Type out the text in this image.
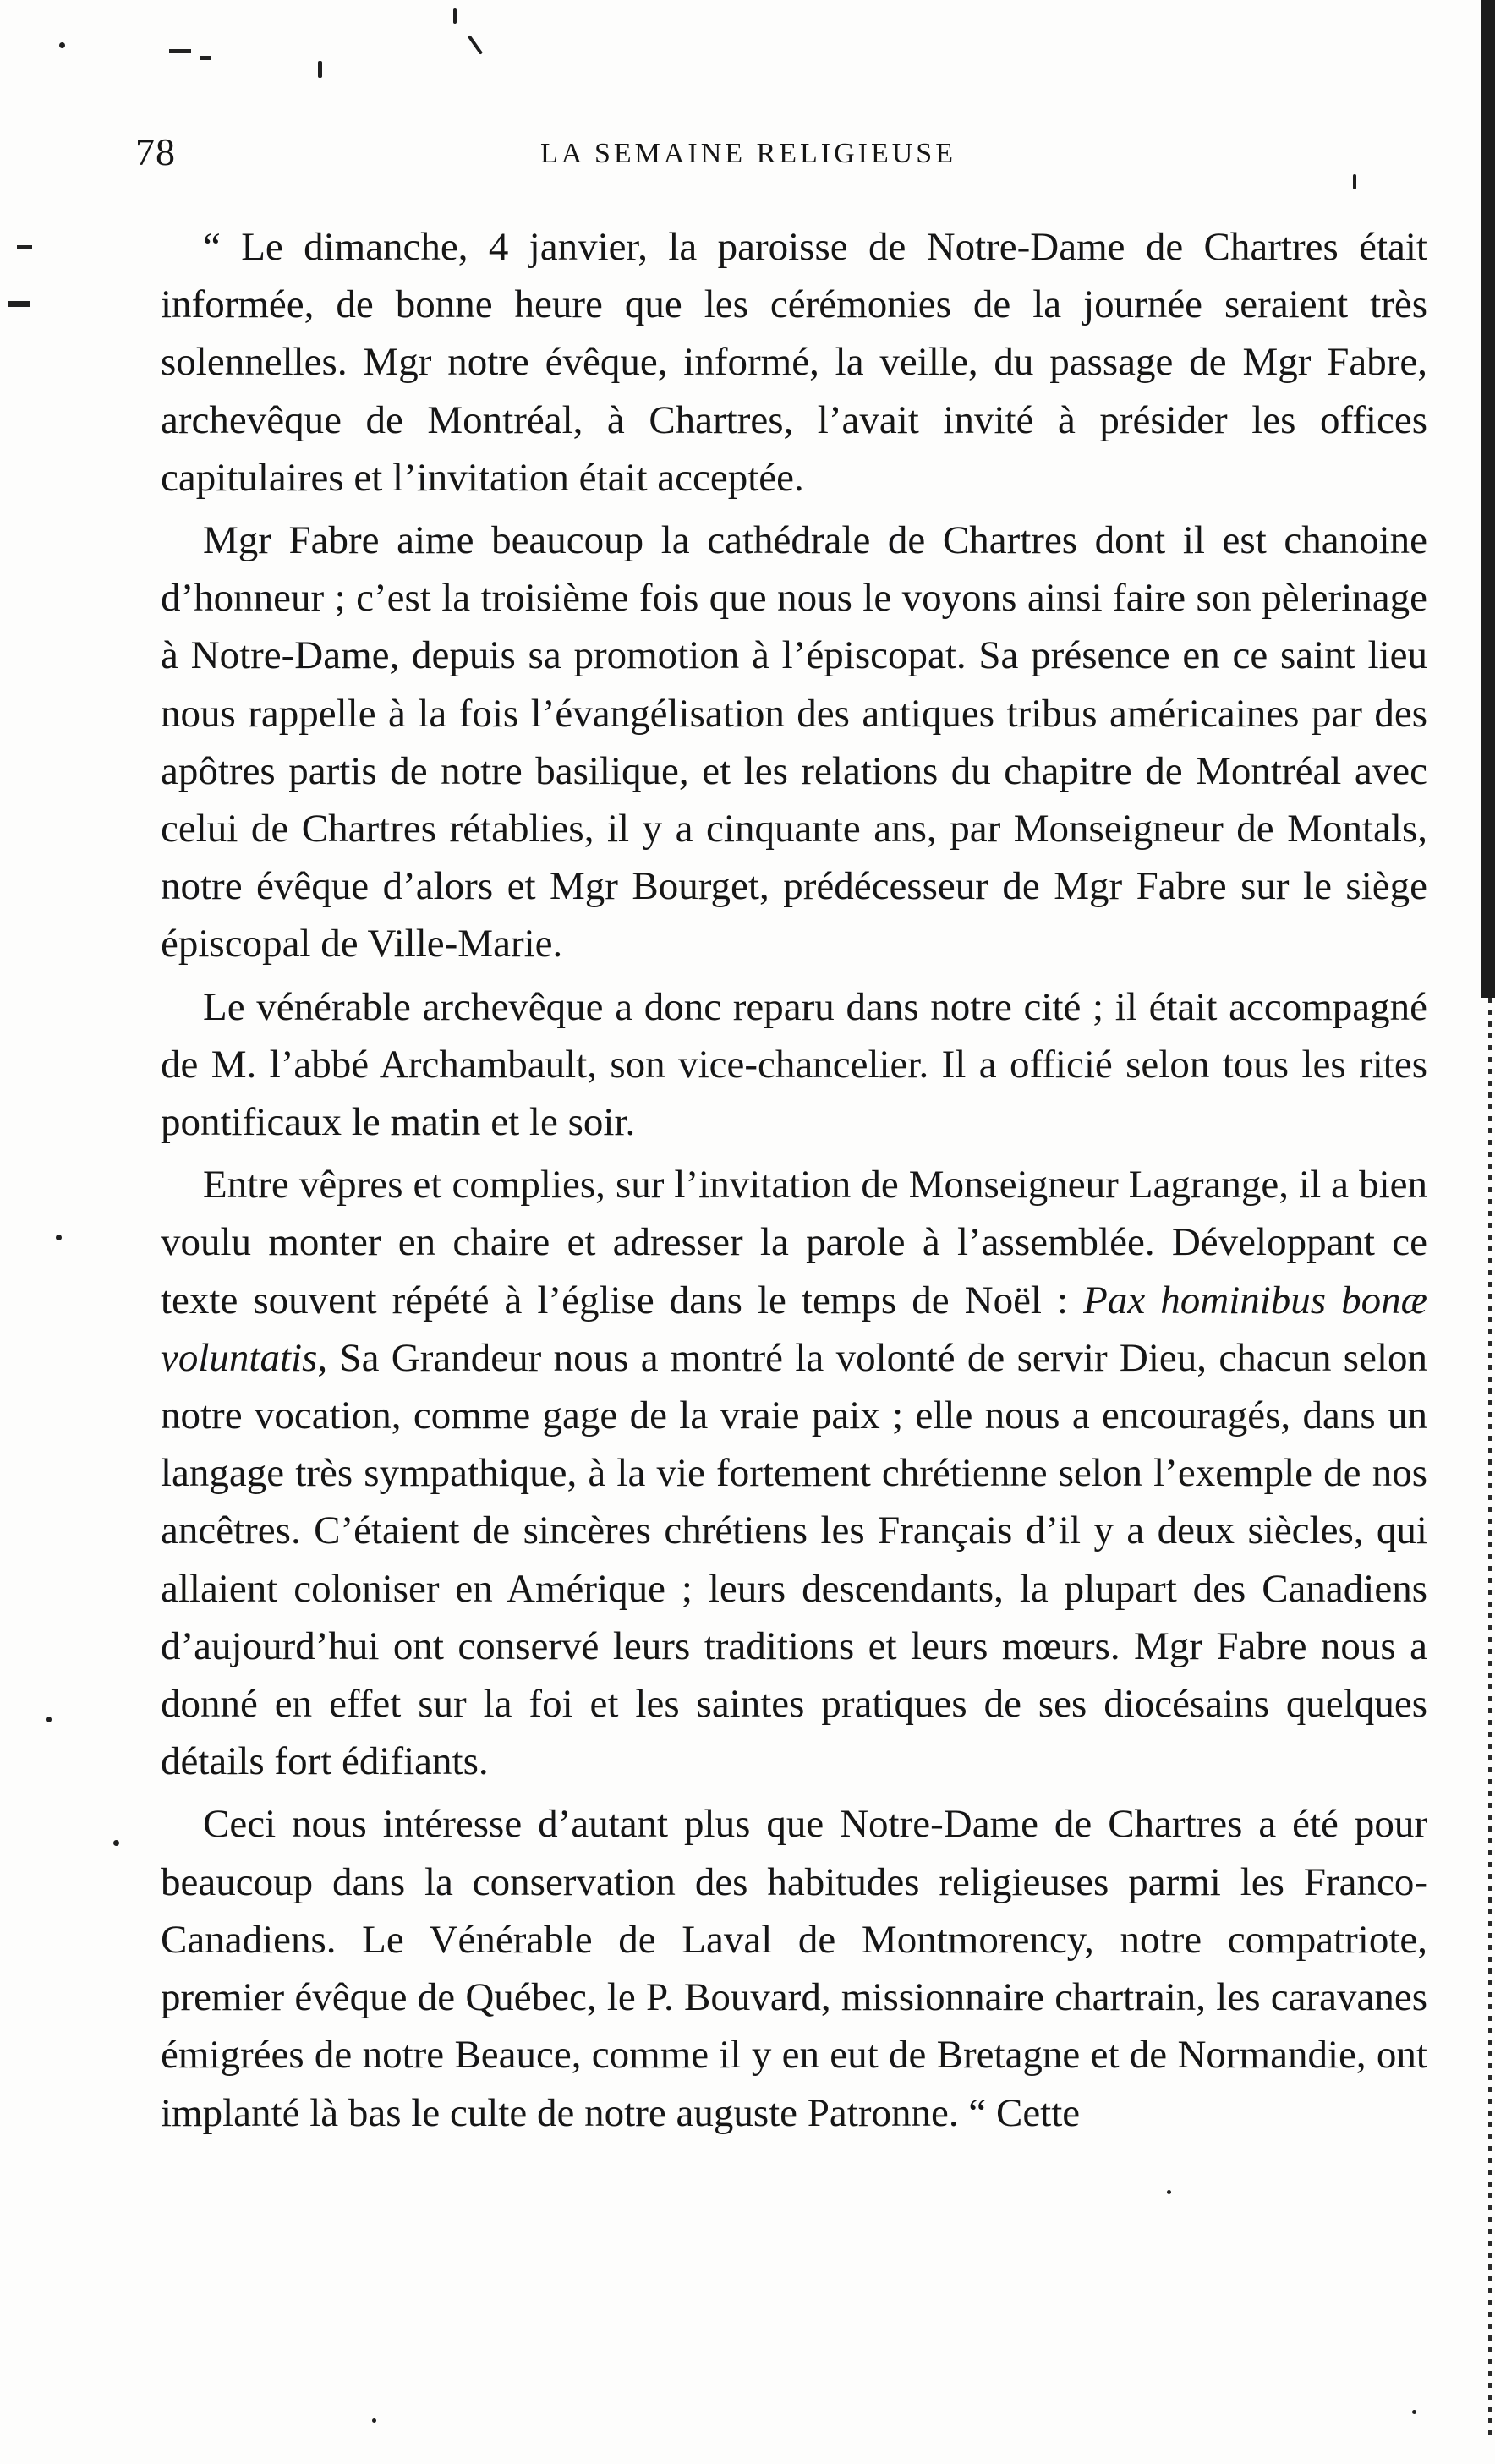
78	LA SEMAINE RELIGIEUSE

“ Le dimanche, 4 janvier, la paroisse de Notre-Dame de Chartres était informée, de bonne heure que les cérémonies de la journée seraient très solennelles. Mgr notre évêque, informé, la veille, du passage de Mgr Fabre, archevêque de Montréal, à Chartres, l’avait invité à présider les offices capitulaires et l’invitation était acceptée.

Mgr Fabre aime beaucoup la cathédrale de Chartres dont il est chanoine d’honneur ; c’est la troisième fois que nous le voyons ainsi faire son pèlerinage à Notre-Dame, depuis sa promotion à l’épiscopat. Sa présence en ce saint lieu nous rappelle à la fois l’évangélisation des antiques tribus américaines par des apôtres partis de notre basilique, et les relations du chapitre de Montréal avec celui de Chartres rétablies, il y a cinquante ans, par Monseigneur de Montals, notre évêque d’alors et Mgr Bourget, prédécesseur de Mgr Fabre sur le siège épiscopal de Ville-Marie.

Le vénérable archevêque a donc reparu dans notre cité ; il était accompagné de M. l’abbé Archambault, son vice-chancelier. Il a officié selon tous les rites pontificaux le matin et le soir.

Entre vêpres et complies, sur l’invitation de Monseigneur Lagrange, il a bien voulu monter en chaire et adresser la parole à l’assemblée. Développant ce texte souvent répété à l’église dans le temps de Noël : Pax hominibus bonæ voluntatis, Sa Grandeur nous a montré la volonté de servir Dieu, chacun selon notre vocation, comme gage de la vraie paix ; elle nous a encouragés, dans un langage très sympathique, à la vie fortement chrétienne selon l’exemple de nos ancêtres. C’étaient de sincères chrétiens les Français d’il y a deux siècles, qui allaient coloniser en Amérique ; leurs descendants, la plupart des Canadiens d’aujourd’hui ont conservé leurs traditions et leurs mœurs. Mgr Fabre nous a donné en effet sur la foi et les saintes pratiques de ses diocésains quelques détails fort édifiants.

Ceci nous intéresse d’autant plus que Notre-Dame de Chartres a été pour beaucoup dans la conservation des habitudes religieuses parmi les Franco-Canadiens. Le Vénérable de Laval de Montmorency, notre compatriote, premier évêque de Québec, le P. Bouvard, missionnaire chartrain, les caravanes émigrées de notre Beauce, comme il y en eut de Bretagne et de Normandie, ont implanté là bas le culte de notre auguste Patronne. “ Cette
